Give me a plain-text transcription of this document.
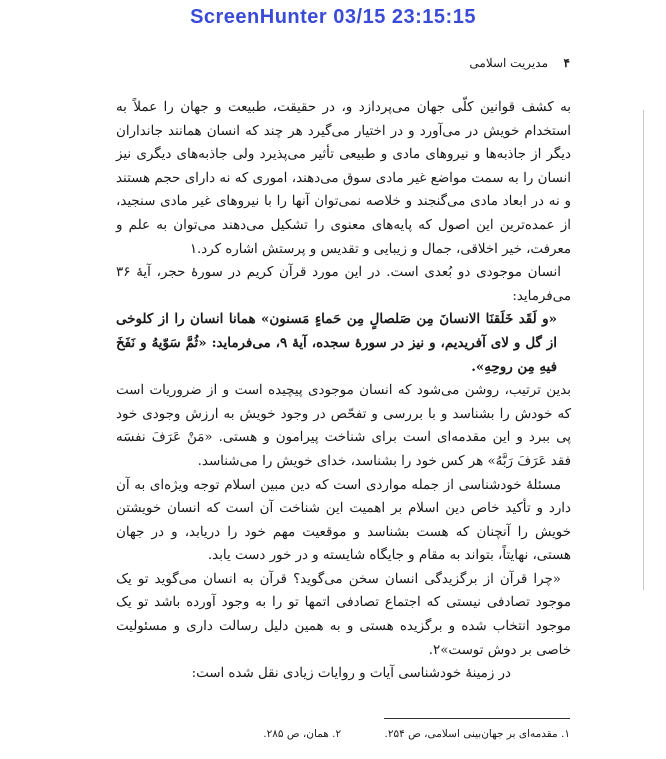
ScreenHunter 03/15 23:15:15
۴
مدیریت اسلامی

به کشف قوانین کلّی جهان می‌پردازد و، در حقیقت، طبیعت و جهان را عملاً به استخدام خویش در می‌آورد و در اختیار می‌گیرد هر چند که انسان همانند جانداران دیگر از جاذبه‌ها و نیروهای مادی و طبیعی تأثیر می‌پذیرد ولی جاذبه‌های دیگری نیز انسان را به سمت مواضع غیر مادی سوق می‌دهند، اموری که نه دارای حجم هستند و نه در ابعاد مادی می‌گنجند و خلاصه نمی‌توان آنها را با نیروهای غیر مادی سنجید، از عمده‌ترین این اصول که پایه‌های معنوی را تشکیل می‌دهند می‌توان به علم و معرفت، خیر اخلاقی، جمال و زیبایی و تقدیس و پرستش اشاره کرد.۱

انسان موجودی دو بُعدی است. در این مورد قرآن کریم در سورهٔ حجر، آیهٔ ۳۶ می‌فرماید:

«و لَقَد خَلَقنَا الانسانَ مِن صَلصالٍ مِن حَماءٍ مَسنون» همانا انسان را از کلوخی از گل و لای آفریدیم، و نیز در سورهٔ سجده، آیهٔ ۹، می‌فرماید: «ثُمَّ سَوّیهُ و نَفَخَ فیهِ مِن روحِهِ».

بدین ترتیب، روشن می‌شود که انسان موجودی پیچیده است و از ضروریات است که خودش را بشناسد و با بررسی و تفحّص در وجود خویش به ارزش وجودی خود پی ببرد و این مقدمه‌ای است برای شناخت پیرامون و هستی. «مَنْ عَرَفَ نفسَه فقد عَرَفَ رَبَّهُ» هر کس خود را بشناسد، خدای خویش را می‌شناسد.

مسئلهٔ خودشناسی از جمله مواردی است که دین مبین اسلام توجه ویژه‌ای به آن دارد و تأکید خاص دین اسلام بر اهمیت این شناخت آن است که انسان خویشتن خویش را آنچنان که هست بشناسد و موقعیت مهم خود را دریابد، و در جهان هستی، نهایتاً، بتواند به مقام و جایگاه شایسته و در خور دست یابد.

«چرا قرآن از برگزیدگی انسان سخن می‌گوید؟ قرآن به انسان می‌گوید تو یک موجود تصادفی نیستی که اجتماع تصادفی اتمها تو را به وجود آورده باشد تو یک موجود انتخاب شده و برگزیده هستی و به همین دلیل رسالت داری و مسئولیت خاصی بر دوش توست»۲.

در زمینهٔ خودشناسی آیات و روایات زیادی نقل شده است:

۱. مقدمه‌ای بر جهان‌بینی اسلامی، ص ۲۵۴. ۲. همان، ص ۲۸۵.
